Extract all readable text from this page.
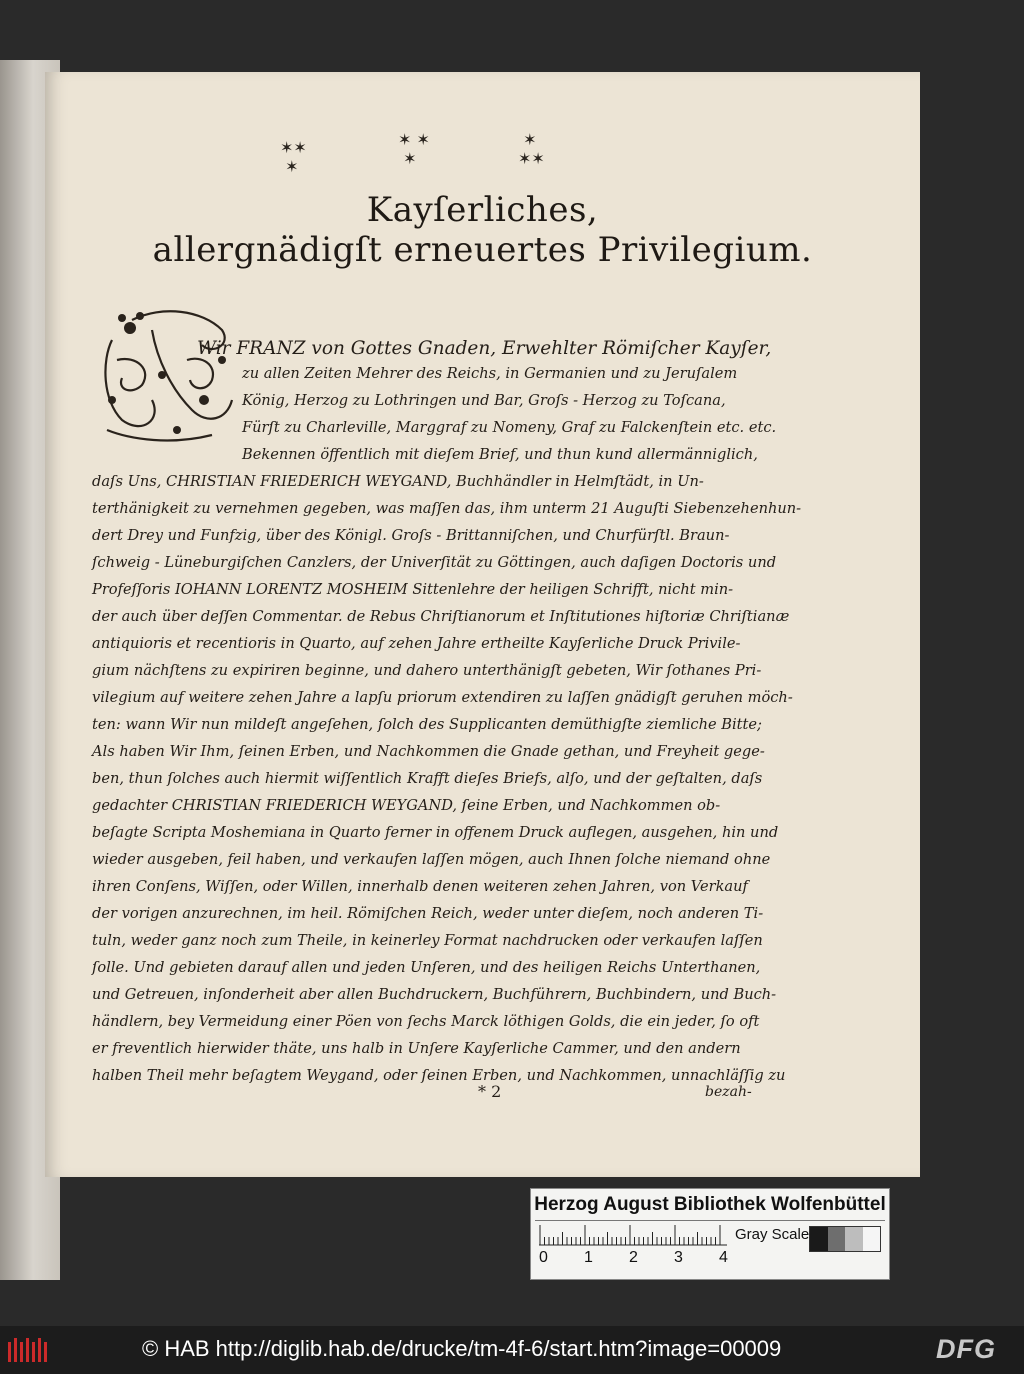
✶✶
✶
✶ ✶
✶
✶
✶✶
Kayſerliches,
allergnädigſt erneuertes Privilegium.
Wir FRANZ von Gottes Gnaden, Erwehlter Römiſcher Kayſer,
zu allen Zeiten Mehrer des Reichs, in Germanien und zu Jeruſalem
König, Herzog zu Lothringen und Bar, Groſs - Herzog zu Toſcana,
Fürſt zu Charleville, Marggraf zu Nomeny, Graf zu Falckenſtein etc. etc.
Bekennen öffentlich mit dieſem Brief, und thun kund allermänniglich,
daſs Uns, CHRISTIAN FRIEDERICH WEYGAND, Buchhändler in Helmſtädt, in Un-
terthänigkeit zu vernehmen gegeben, was maſſen das, ihm unterm 21 Auguſti Siebenzehenhun-
dert Drey und Funfzig, über des Königl. Groſs - Brittanniſchen, und Churfürſtl. Braun-
ſchweig - Lüneburgiſchen Canzlers, der Univerſität zu Göttingen, auch daſigen Doctoris und
Profeſſoris IOHANN LORENTZ MOSHEIM Sittenlehre der heiligen Schrifft, nicht min-
der auch über deſſen Commentar. de Rebus Chriſtianorum et Inſtitutiones hiſtoriæ Chriſtianæ
antiquioris et recentioris in Quarto, auf zehen Jahre ertheilte Kayſerliche Druck Privile-
gium nächſtens zu expiriren beginne, und dahero unterthänigſt gebeten, Wir ſothanes Pri-
vilegium auf weitere zehen Jahre a lapſu priorum extendiren zu laſſen gnädigſt geruhen möch-
ten: wann Wir nun mildeſt angeſehen, ſolch des Supplicanten demüthigſte ziemliche Bitte;
Als haben Wir Ihm, ſeinen Erben, und Nachkommen die Gnade gethan, und Freyheit gege-
ben, thun ſolches auch hiermit wiſſentlich Krafft dieſes Briefs, alſo, und der geſtalten, daſs
gedachter CHRISTIAN FRIEDERICH WEYGAND, ſeine Erben, und Nachkommen ob-
beſagte Scripta Moshemiana in Quarto ferner in offenem Druck auflegen, ausgehen, hin und
wieder ausgeben, feil haben, und verkaufen laſſen mögen, auch Ihnen ſolche niemand ohne
ihren Conſens, Wiſſen, oder Willen, innerhalb denen weiteren zehen Jahren, von Verkauf
der vorigen anzurechnen, im heil. Römiſchen Reich, weder unter dieſem, noch anderen Ti-
tuln, weder ganz noch zum Theile, in keinerley Format nachdrucken oder verkaufen laſſen
ſolle. Und gebieten darauf allen und jeden Unſeren, und des heiligen Reichs Unterthanen,
und Getreuen, inſonderheit aber allen Buchdruckern, Buchführern, Buchbindern, und Buch-
händlern, bey Vermeidung einer Pöen von ſechs Marck löthigen Golds, die ein jeder, ſo oft
er freventlich hierwider thäte, uns halb in Unſere Kayſerliche Cammer, und den andern
halben Theil mehr beſagtem Weygand, oder ſeinen Erben, und Nachkommen, unnachläſſig zu
* 2	bezah-
Herzog August Bibliothek Wolfenbüttel
0 1 2 3 4
Gray Scale
© HAB http://diglib.hab.de/drucke/tm-4f-6/start.htm?image=00009	DFG
